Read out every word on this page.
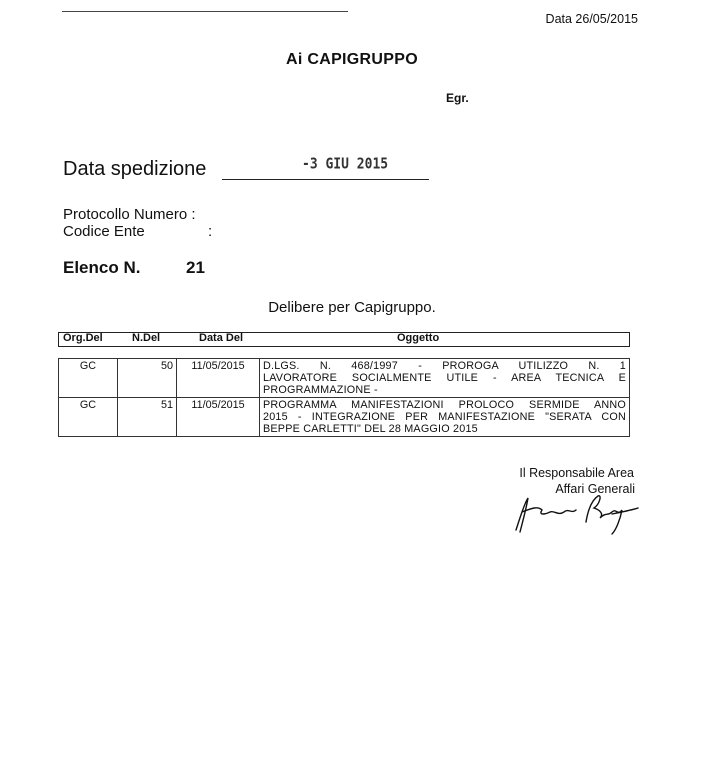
Data 26/05/2015
Ai CAPIGRUPPO
Egr.
Data spedizione	-3 GIU 2015
Protocollo Numero :
Codice Ente	:
Elenco N.	21
Delibere per Capigruppo.
Org.Del	N.Del	Data Del	Oggetto
GC	50	11/05/2015	D.LGS. N. 468/1997 - PROROGA UTILIZZO N. 1
LAVORATORE SOCIALMENTE UTILE - AREA TECNICA E

PROGRAMMAZIONE -

GC	51	11/05/2015	PROGRAMMA MANIFESTAZIONI PROLOCO SERMIDE ANNO
2015 - INTEGRAZIONE PER MANIFESTAZIONE "SERATA CON

BEPPE CARLETTI" DEL 28 MAGGIO 2015
Il Responsabile Area
Affari Generali
